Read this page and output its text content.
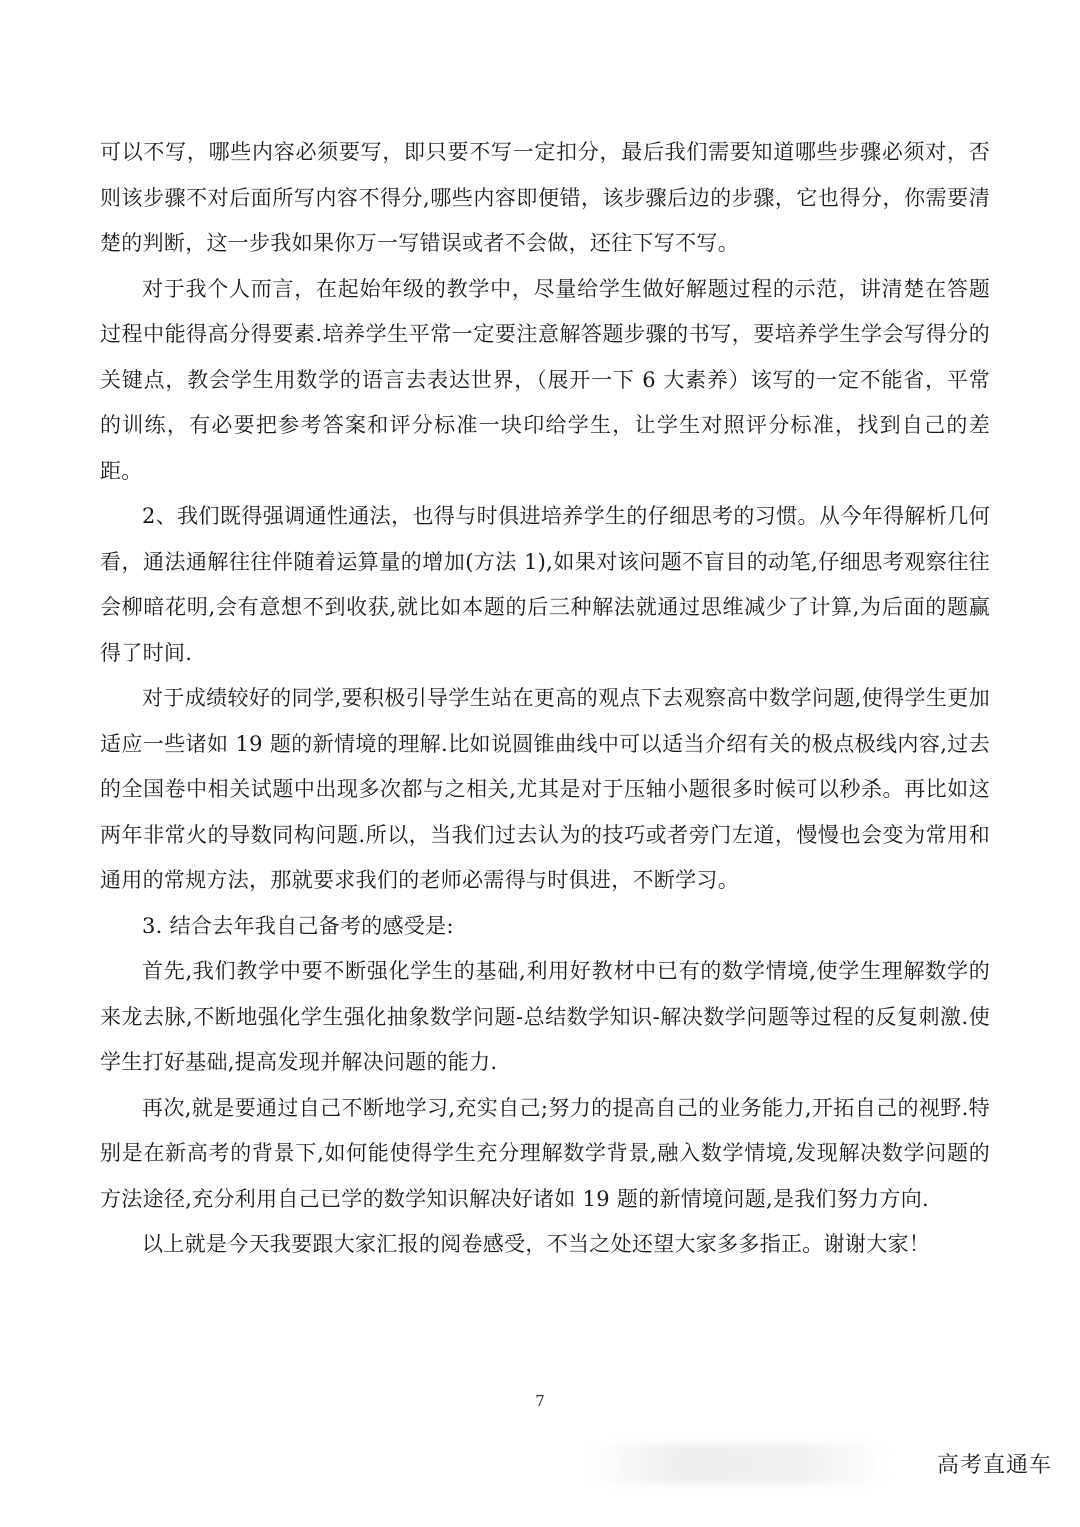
可以不写，哪些内容必须要写，即只要不写一定扣分，最后我们需要知道哪些步骤必须对，否则该步骤不对后面所写内容不得分,哪些内容即便错，该步骤后边的步骤，它也得分，你需要清楚的判断，这一步我如果你万一写错误或者不会做，还往下写不写。

对于我个人而言，在起始年级的教学中，尽量给学生做好解题过程的示范，讲清楚在答题过程中能得高分得要素.培养学生平常一定要注意解答题步骤的书写，要培养学生学会写得分的关键点，教会学生用数学的语言去表达世界，（展开一下 6 大素养）该写的一定不能省，平常的训练，有必要把参考答案和评分标准一块印给学生，让学生对照评分标准，找到自己的差距。

2、我们既得强调通性通法，也得与时俱进培养学生的仔细思考的习惯。从今年得解析几何看，通法通解往往伴随着运算量的增加(方法 1),如果对该问题不盲目的动笔,仔细思考观察往往会柳暗花明,会有意想不到收获,就比如本题的后三种解法就通过思维减少了计算,为后面的题赢得了时间.

对于成绩较好的同学,要积极引导学生站在更高的观点下去观察高中数学问题,使得学生更加适应一些诸如 19 题的新情境的理解.比如说圆锥曲线中可以适当介绍有关的极点极线内容,过去的全国卷中相关试题中出现多次都与之相关,尤其是对于压轴小题很多时候可以秒杀。再比如这两年非常火的导数同构问题.所以，当我们过去认为的技巧或者旁门左道，慢慢也会变为常用和通用的常规方法，那就要求我们的老师必需得与时俱进，不断学习。

3. 结合去年我自己备考的感受是:

首先,我们教学中要不断强化学生的基础,利用好教材中已有的数学情境,使学生理解数学的来龙去脉,不断地强化学生强化抽象数学问题-总结数学知识-解决数学问题等过程的反复刺激.使学生打好基础,提高发现并解决问题的能力.

再次,就是要通过自己不断地学习,充实自己;努力的提高自己的业务能力,开拓自己的视野.特别是在新高考的背景下,如何能使得学生充分理解数学背景,融入数学情境,发现解决数学问题的方法途径,充分利用自己已学的数学知识解决好诸如 19 题的新情境问题,是我们努力方向.

以上就是今天我要跟大家汇报的阅卷感受，不当之处还望大家多多指正。谢谢大家！

7
高考直通车
